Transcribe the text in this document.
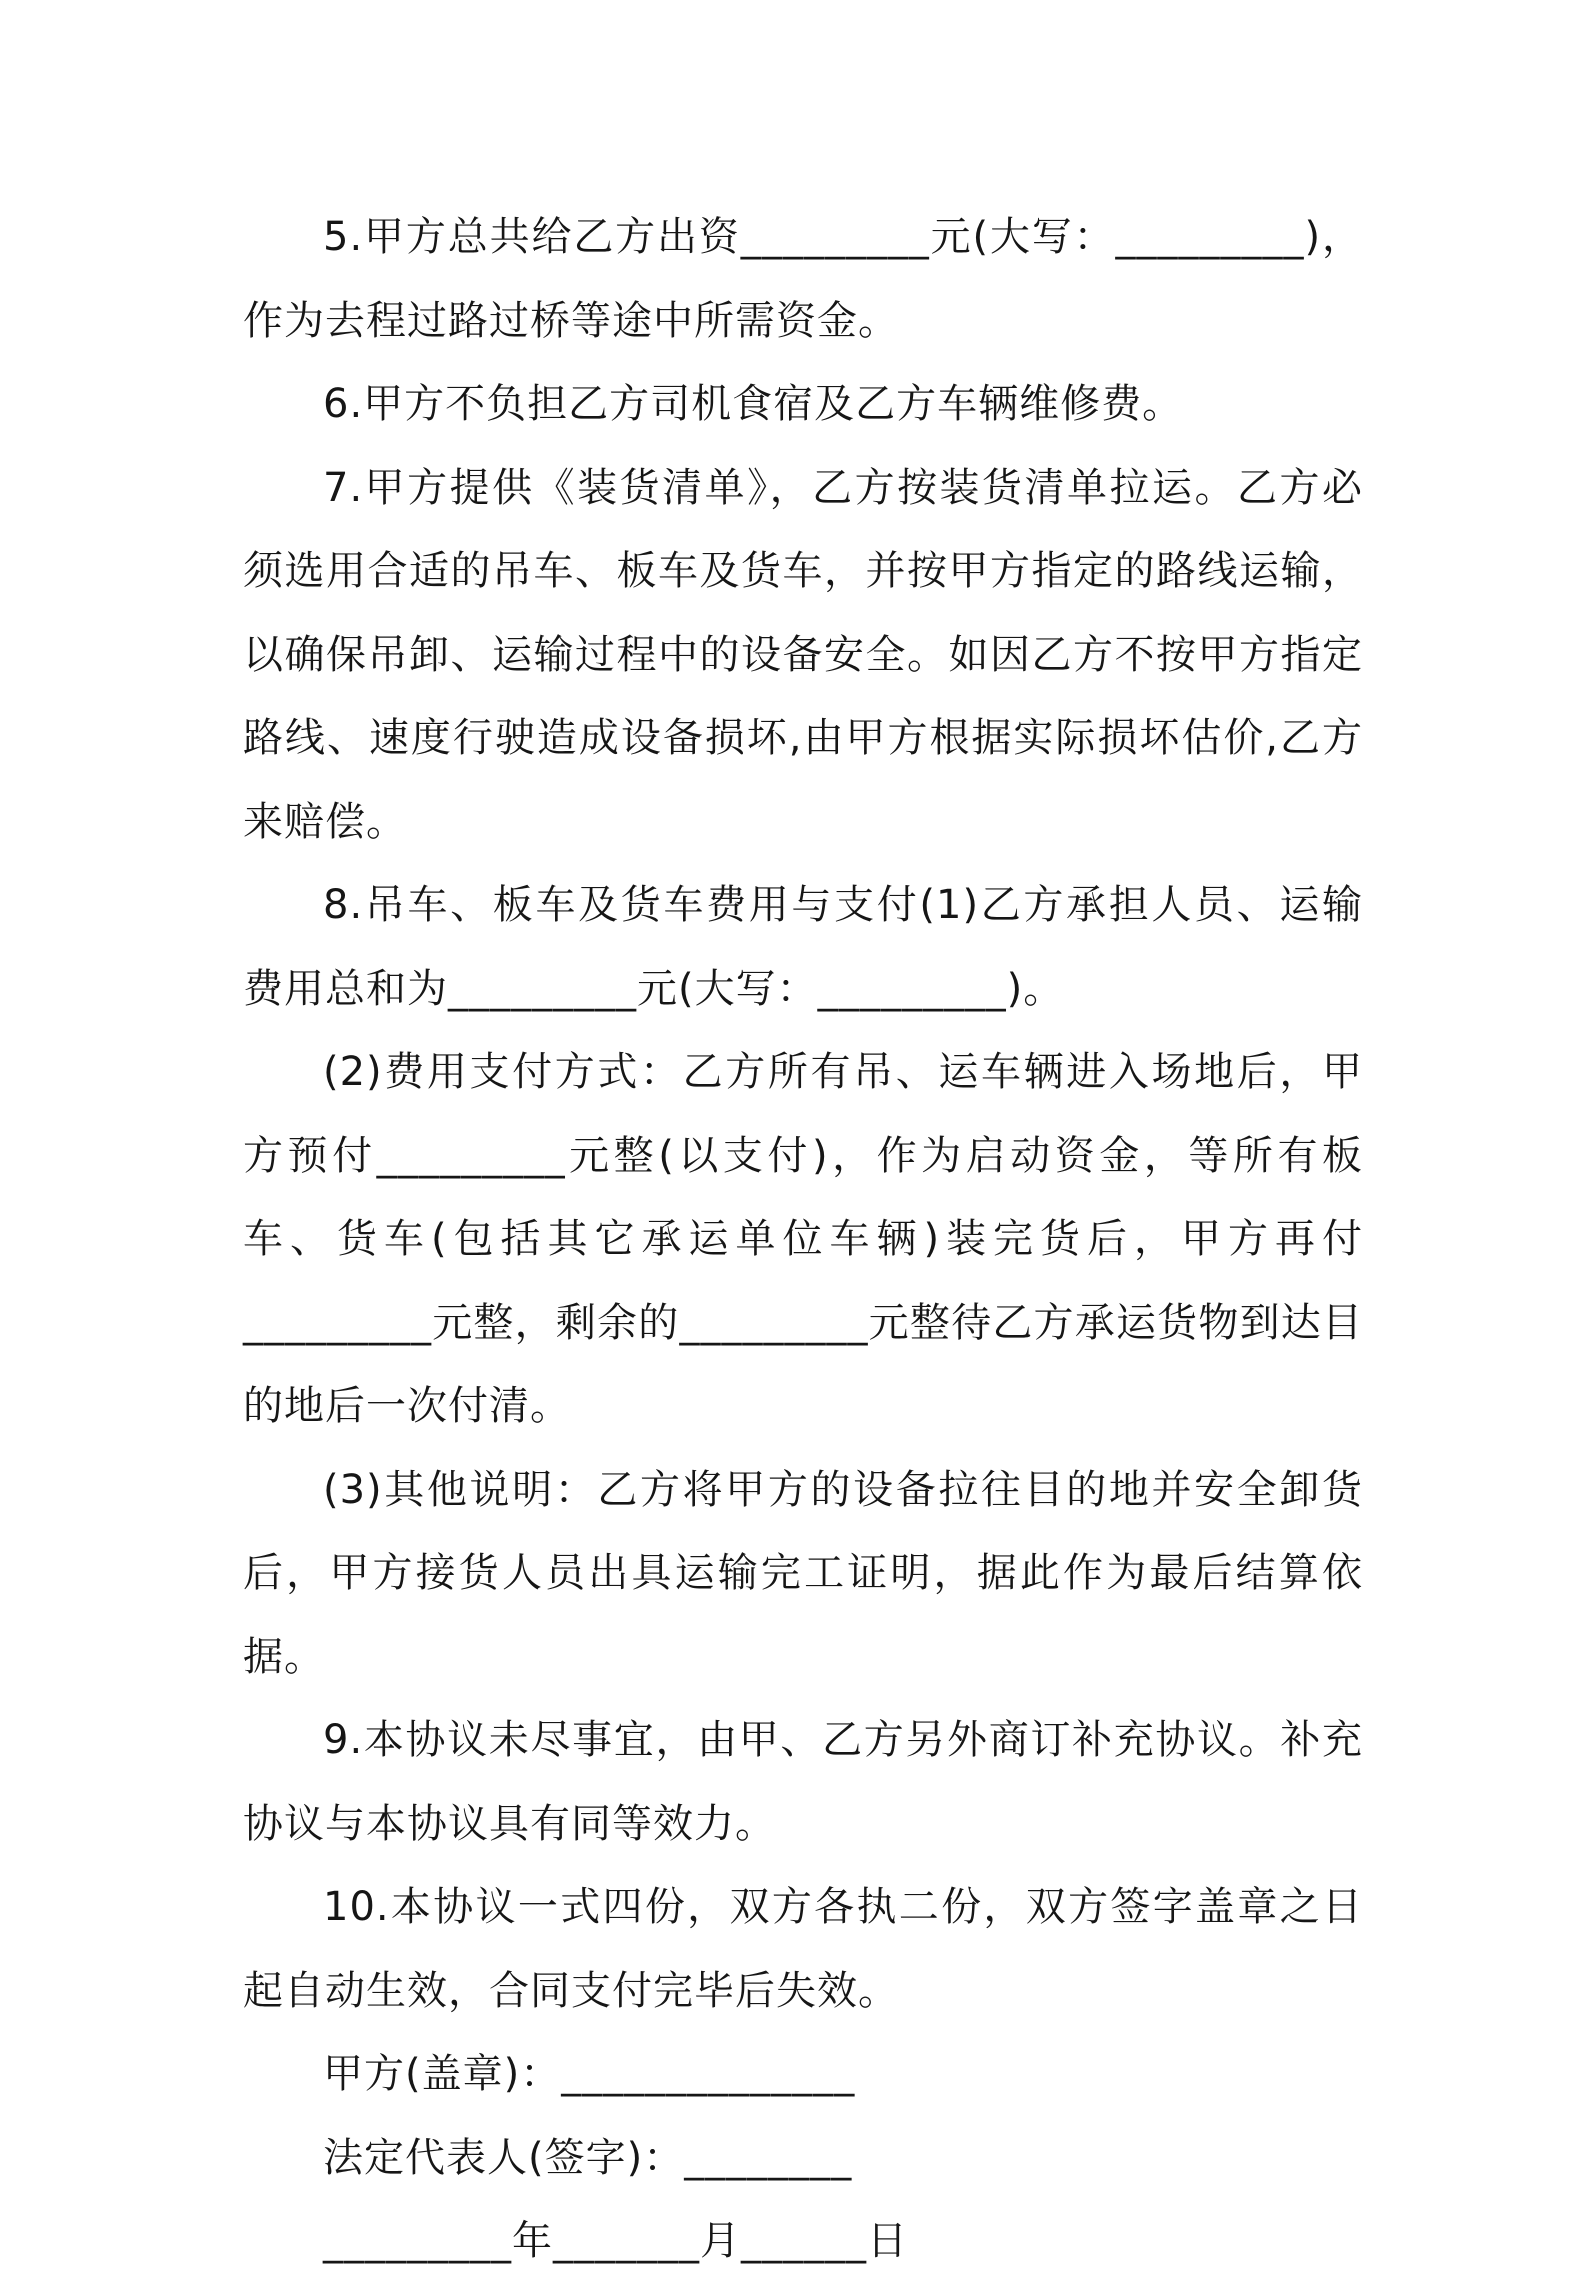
5.甲方总共给乙方出资_________元(大写：_________)，作为去程过路过桥等途中所需资金。

6.甲方不负担乙方司机食宿及乙方车辆维修费。

7.甲方提供《装货清单》，乙方按装货清单拉运。乙方必须选用合适的吊车、板车及货车，并按甲方指定的路线运输，以确保吊卸、运输过程中的设备安全。如因乙方不按甲方指定路线、速度行驶造成设备损坏,由甲方根据实际损坏估价,乙方来赔偿。

8.吊车、板车及货车费用与支付(1)乙方承担人员、运输费用总和为_________元(大写：_________)。

(2)费用支付方式：乙方所有吊、运车辆进入场地后，甲方预付_________元整(以支付)，作为启动资金，等所有板车、货车(包括其它承运单位车辆)装完货后，甲方再付_________元整，剩余的_________元整待乙方承运货物到达目的地后一次付清。

(3)其他说明：乙方将甲方的设备拉往目的地并安全卸货后，甲方接货人员出具运输完工证明，据此作为最后结算依据。

9.本协议未尽事宜，由甲、乙方另外商订补充协议。补充协议与本协议具有同等效力。

10.本协议一式四份，双方各执二份，双方签字盖章之日起自动生效，合同支付完毕后失效。

甲方(盖章)：______________

法定代表人(签字)：________

_________年_______月______日
